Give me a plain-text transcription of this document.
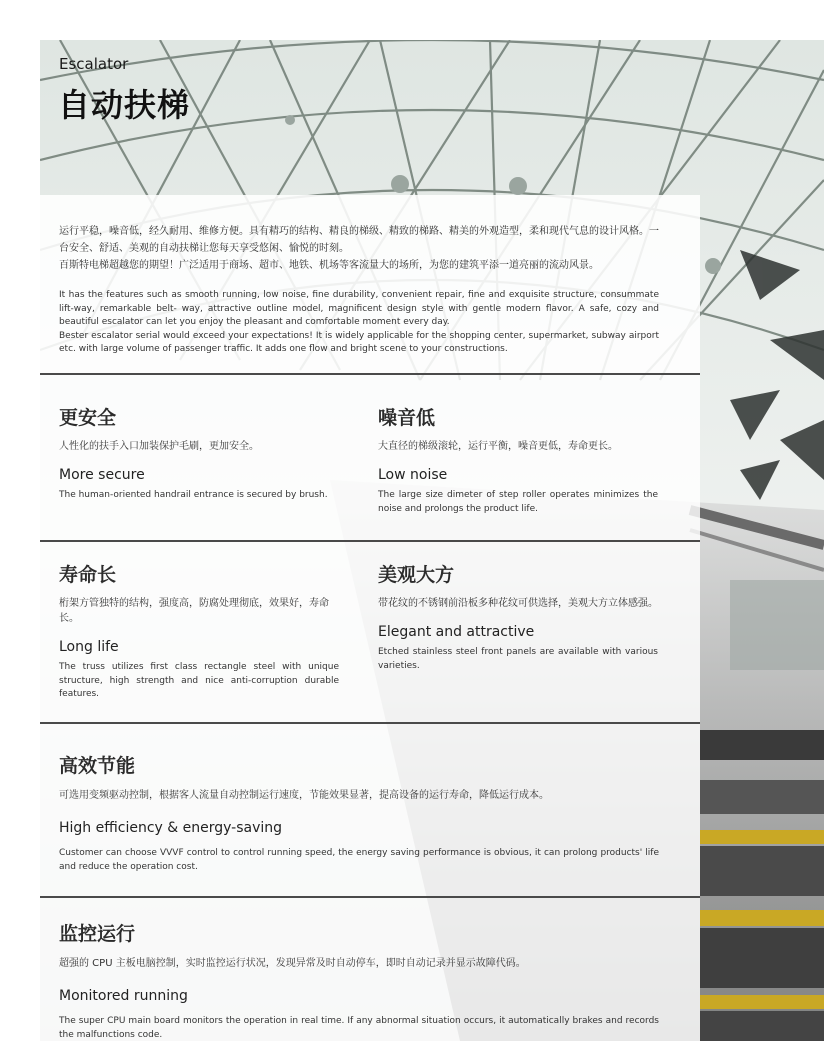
Escalator
自动扶梯

运行平稳，噪音低，经久耐用、维修方便。具有精巧的结构、精良的梯级、精致的梯路、精美的外观造型，柔和现代气息的设计风格。一台安全、舒适、美观的自动扶梯让您每天享受悠闲、愉悦的时刻。

百斯特电梯超越您的期望！广泛适用于商场、超市、地铁、机场等客流量大的场所，为您的建筑平添一道亮丽的流动风景。

It has the features such as smooth running, low noise, fine durability, convenient repair, fine and exquisite structure, consummate lift-way, remarkable belt- way, attractive outline model, magnificent design style with gentle modern flavor. A safe, cozy and beautiful escalator can let you enjoy the pleasant and comfortable moment every day.

Bester escalator serial would exceed your expectations! It is widely applicable for the shopping center, supermarket, subway airport etc. with large volume of passenger traffic. It adds one flow and bright scene to your constructions.

更安全

人性化的扶手入口加装保护毛刷，更加安全。

More secure

The human-oriented handrail entrance is secured by brush.

噪音低

大直径的梯级滚轮，运行平衡，噪音更低，寿命更长。

Low noise

The large size dimeter of step roller operates minimizes the noise and prolongs the product life.

寿命长

桁架方管独特的结构，强度高，防腐处理彻底，效果好，寿命长。

Long life

The truss utilizes first class rectangle steel with unique structure, high strength and nice anti-corruption durable features.

美观大方

带花纹的不锈钢前沿板多种花纹可供选择，美观大方立体感强。

Elegant and attractive

Etched stainless steel front panels are available with various varieties.

高效节能

可选用变频驱动控制，根据客人流量自动控制运行速度，节能效果显著，提高设备的运行寿命，降低运行成本。

High efficiency & energy-saving

Customer can choose VVVF control to control running speed, the energy saving performance is obvious, it can prolong products' life and reduce the operation cost.

监控运行

超强的 CPU 主板电脑控制，实时监控运行状况，发现异常及时自动停车，即时自动记录并显示故障代码。

Monitored running

The super CPU main board monitors the operation in real time. If any abnormal situation occurs, it automatically brakes and records the malfunctions code.
